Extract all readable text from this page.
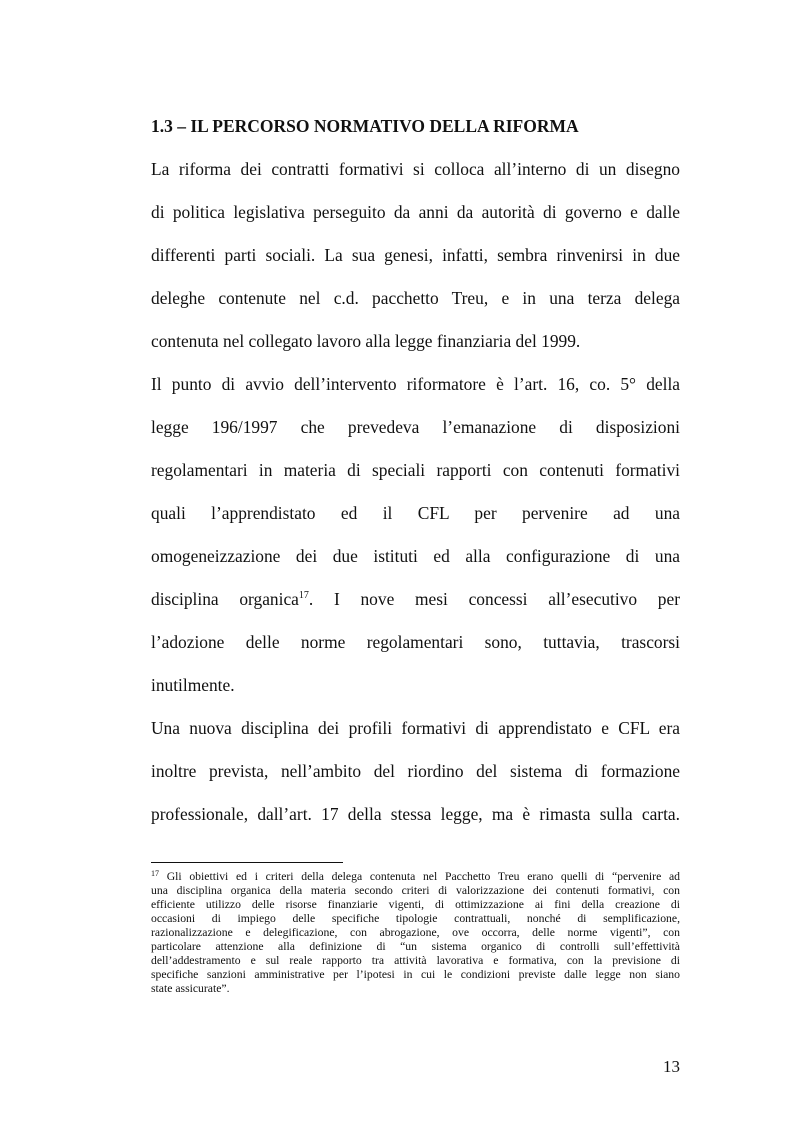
1.3 – IL PERCORSO NORMATIVO DELLA RIFORMA
La riforma dei contratti formativi si colloca all’interno di un disegno
di politica legislativa perseguito da anni da autorità di governo e dalle
differenti parti sociali. La sua genesi, infatti, sembra rinvenirsi in due
deleghe contenute nel c.d. pacchetto Treu, e in una terza delega
contenuta nel collegato lavoro alla legge finanziaria del 1999.
Il punto di avvio dell’intervento riformatore è l’art. 16, co. 5° della
legge 196/1997 che prevedeva l’emanazione di disposizioni
regolamentari in materia di speciali rapporti con contenuti formativi
quali l’apprendistato ed il CFL per pervenire ad una
omogeneizzazione dei due istituti ed alla configurazione di una
disciplina organica$^{17}$. I nove mesi concessi all’esecutivo per
l’adozione delle norme regolamentari sono, tuttavia, trascorsi
inutilmente.
Una nuova disciplina dei profili formativi di apprendistato e CFL era
inoltre prevista, nell’ambito del riordino del sistema di formazione
professionale, dall’art. 17 della stessa legge, ma è rimasta sulla carta.
$^{17}$ Gli obiettivi ed i criteri della delega contenuta nel Pacchetto Treu erano quelli di “pervenire ad
una disciplina organica della materia secondo criteri di valorizzazione dei contenuti formativi, con
efficiente utilizzo delle risorse finanziarie vigenti, di ottimizzazione ai fini della creazione di
occasioni di impiego delle specifiche tipologie contrattuali, nonché di semplificazione,
razionalizzazione e delegificazione, con abrogazione, ove occorra, delle norme vigenti”, con
particolare attenzione alla definizione di “un sistema organico di controlli sull’effettività
dell’addestramento e sul reale rapporto tra attività lavorativa e formativa, con la previsione di
specifiche sanzioni amministrative per l’ipotesi in cui le condizioni previste dalle legge non siano
state assicurate”.
13
